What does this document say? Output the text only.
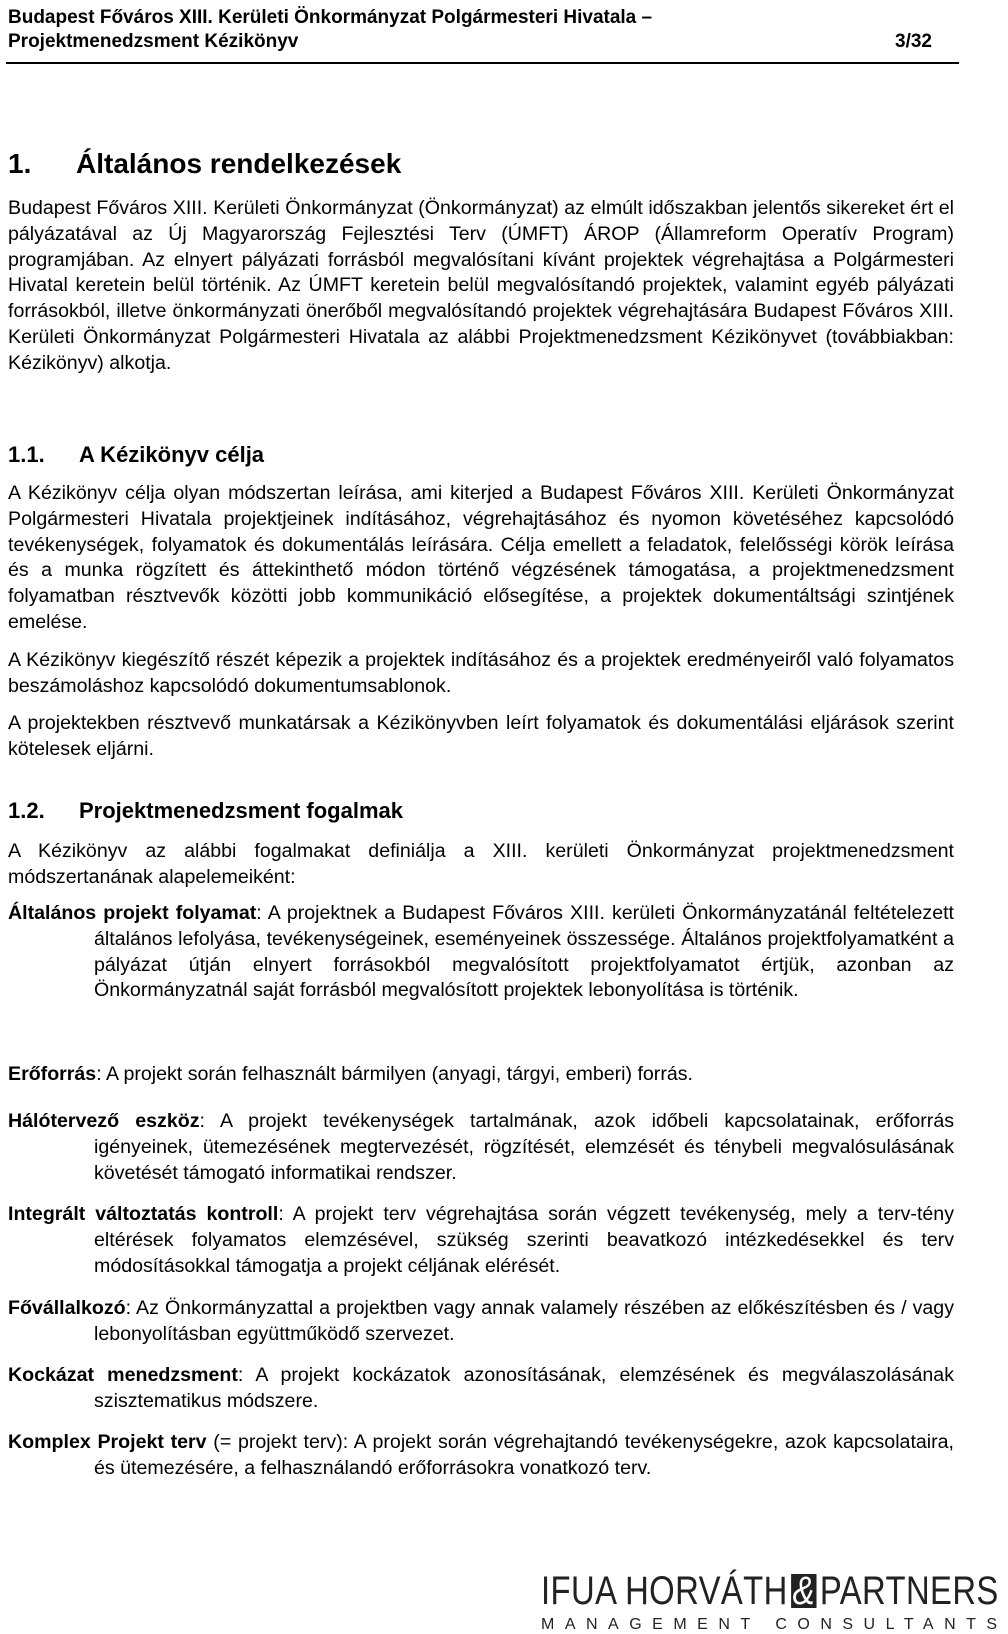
Budapest Főváros XIII. Kerületi Önkormányzat Polgármesteri Hivatala –
Projektmenedzsment Kézikönyv	3/32
1. Általános rendelkezések
Budapest Főváros XIII. Kerületi Önkormányzat (Önkormányzat) az elmúlt időszakban jelentős sikereket ért el pályázatával az Új Magyarország Fejlesztési Terv (ÚMFT) ÁROP (Államreform Operatív Program) programjában. Az elnyert pályázati forrásból megvalósítani kívánt projektek végrehajtása a Polgármesteri Hivatal keretein belül történik. Az ÚMFT keretein belül megvalósítandó projektek, valamint egyéb pályázati forrásokból, illetve önkormányzati önerőből megvalósítandó projektek végrehajtására Budapest Főváros XIII. Kerületi Önkormányzat Polgármesteri Hivatala az alábbi Projektmenedzsment Kézikönyvet (továbbiakban: Kézikönyv) alkotja.
1.1. A Kézikönyv célja
A Kézikönyv célja olyan módszertan leírása, ami kiterjed a Budapest Főváros XIII. Kerületi Önkormányzat Polgármesteri Hivatala projektjeinek indításához, végrehajtásához és nyomon követéséhez kapcsolódó tevékenységek, folyamatok és dokumentálás leírására. Célja emellett a feladatok, felelősségi körök leírása és a munka rögzített és áttekinthető módon történő végzésének támogatása, a projektmenedzsment folyamatban résztvevők közötti jobb kommunikáció elősegítése, a projektek dokumentáltsági szintjének emelése.
A Kézikönyv kiegészítő részét képezik a projektek indításához és a projektek eredményeiről való folyamatos beszámoláshoz kapcsolódó dokumentumsablonok.
A projektekben résztvevő munkatársak a Kézikönyvben leírt folyamatok és dokumentálási eljárások szerint kötelesek eljárni.
1.2. Projektmenedzsment fogalmak
A Kézikönyv az alábbi fogalmakat definiálja a XIII. kerületi Önkormányzat projektmenedzsment módszertanának alapelemeiként:
Általános projekt folyamat: A projektnek a Budapest Főváros XIII. kerületi Önkormányzatánál feltételezett általános lefolyása, tevékenységeinek, eseményeinek összessége. Általános projektfolyamatként a pályázat útján elnyert forrásokból megvalósított projektfolyamatot értjük, azonban az Önkormányzatnál saját forrásból megvalósított projektek lebonyolítása is történik.
Erőforrás: A projekt során felhasznált bármilyen (anyagi, tárgyi, emberi) forrás.
Hálótervező eszköz: A projekt tevékenységek tartalmának, azok időbeli kapcsolatainak, erőforrás igényeinek, ütemezésének megtervezését, rögzítését, elemzését és ténybeli megvalósulásának követését támogató informatikai rendszer.
Integrált változtatás kontroll: A projekt terv végrehajtása során végzett tevékenység, mely a terv-tény eltérések folyamatos elemzésével, szükség szerinti beavatkozó intézkedésekkel és terv módosításokkal támogatja a projekt céljának elérését.
Fővállalkozó: Az Önkormányzattal a projektben vagy annak valamely részében az előkészítésben és / vagy lebonyolításban együttműködő szervezet.
Kockázat menedzsment: A projekt kockázatok azonosításának, elemzésének és megválaszolásának szisztematikus módszere.
Komplex Projekt terv (= projekt terv): A projekt során végrehajtandó tevékenységekre, azok kapcsolataira, és ütemezésére, a felhasználandó erőforrásokra vonatkozó terv.
IFUA HORVÁTH & PARTNERS
MANAGEMENT CONSULTANTS
